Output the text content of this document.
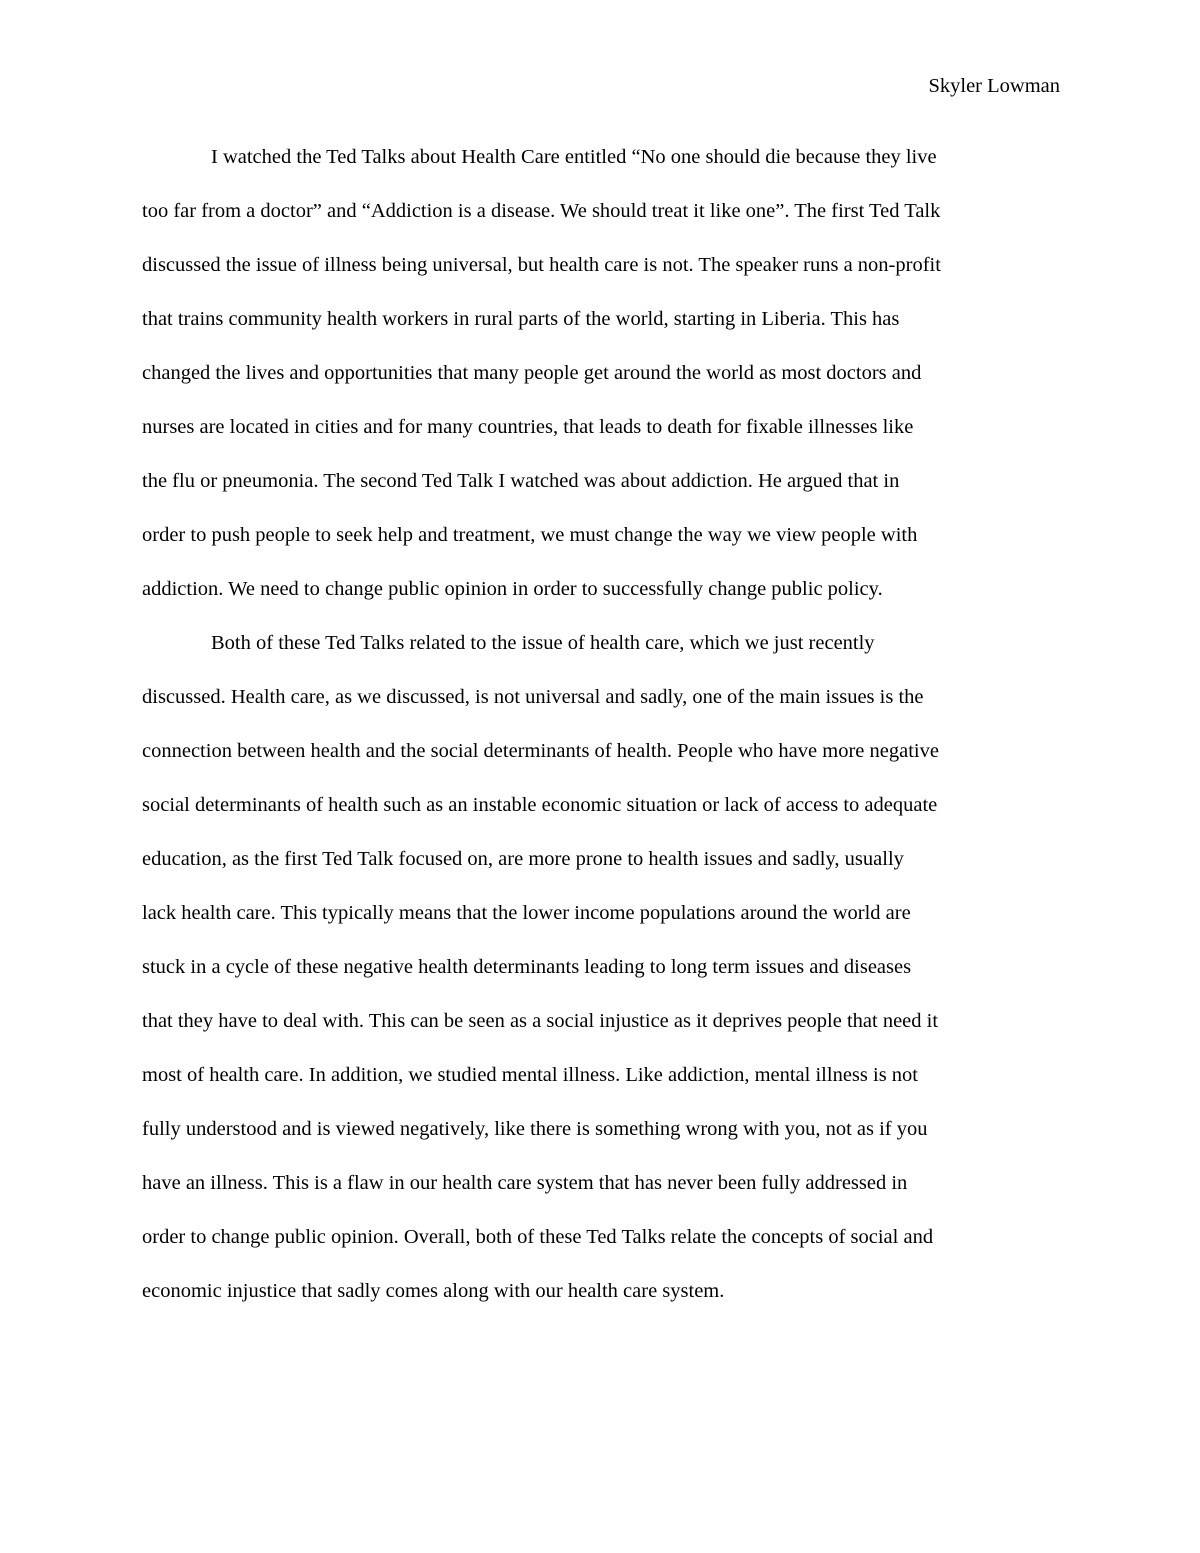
Skyler Lowman
I watched the Ted Talks about Health Care entitled “No one should die because they live
too far from a doctor” and “Addiction is a disease. We should treat it like one”. The first Ted Talk
discussed the issue of illness being universal, but health care is not. The speaker runs a non-profit
that trains community health workers in rural parts of the world, starting in Liberia. This has
changed the lives and opportunities that many people get around the world as most doctors and
nurses are located in cities and for many countries, that leads to death for fixable illnesses like
the flu or pneumonia. The second Ted Talk I watched was about addiction. He argued that in
order to push people to seek help and treatment, we must change the way we view people with
addiction. We need to change public opinion in order to successfully change public policy.
Both of these Ted Talks related to the issue of health care, which we just recently
discussed. Health care, as we discussed, is not universal and sadly, one of the main issues is the
connection between health and the social determinants of health. People who have more negative
social determinants of health such as an instable economic situation or lack of access to adequate
education, as the first Ted Talk focused on, are more prone to health issues and sadly, usually
lack health care. This typically means that the lower income populations around the world are
stuck in a cycle of these negative health determinants leading to long term issues and diseases
that they have to deal with. This can be seen as a social injustice as it deprives people that need it
most of health care. In addition, we studied mental illness. Like addiction, mental illness is not
fully understood and is viewed negatively, like there is something wrong with you, not as if you
have an illness. This is a flaw in our health care system that has never been fully addressed in
order to change public opinion. Overall, both of these Ted Talks relate the concepts of social and
economic injustice that sadly comes along with our health care system.
